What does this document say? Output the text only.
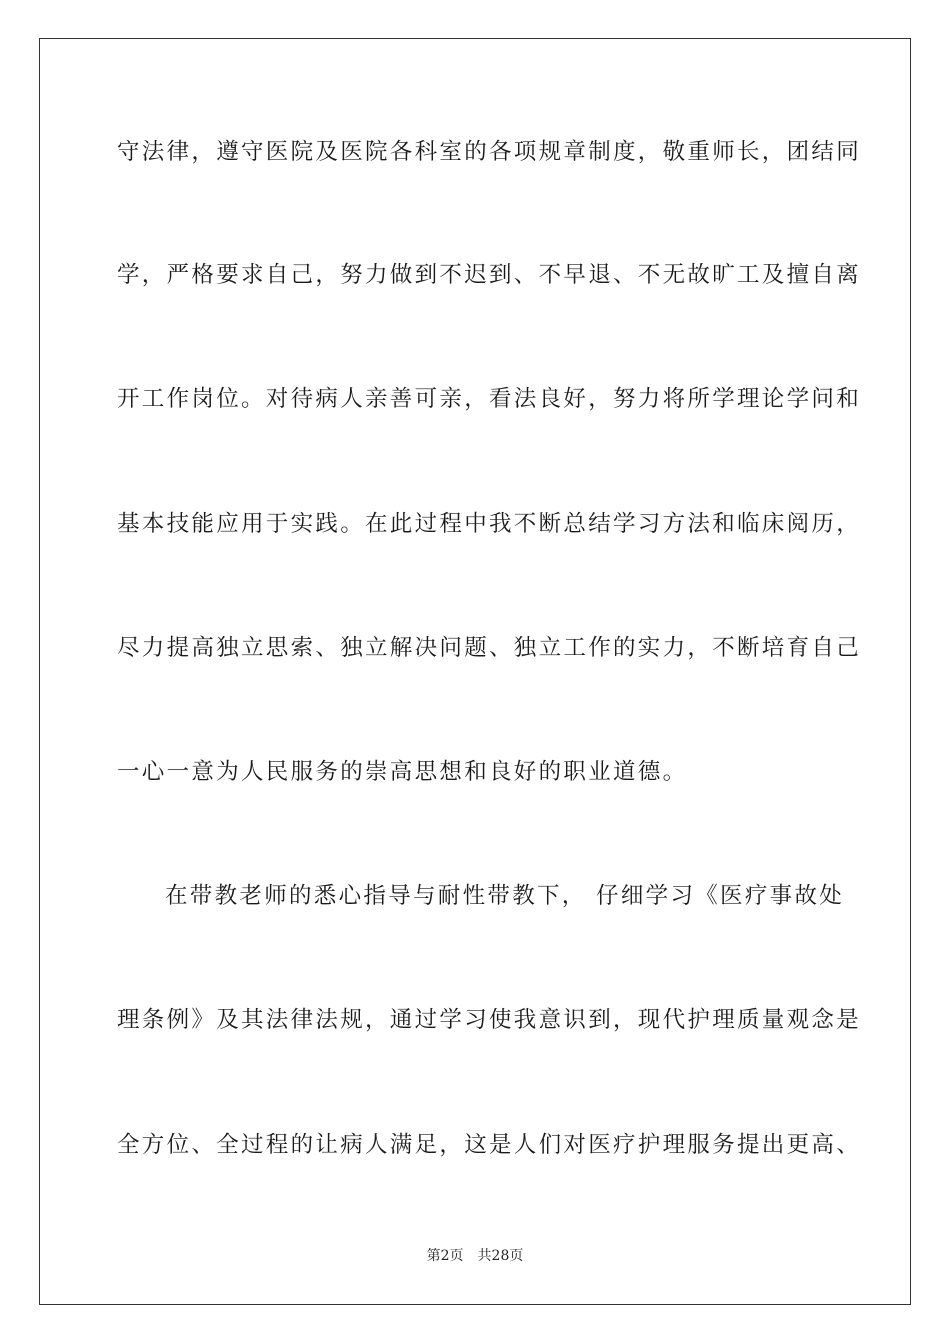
守法律，遵守医院及医院各科室的各项规章制度，敬重师长，团结同
学，严格要求自己，努力做到不迟到、不早退、不无故旷工及擅自离
开工作岗位。对待病人亲善可亲，看法良好，努力将所学理论学问和
基本技能应用于实践。在此过程中我不断总结学习方法和临床阅历，
尽力提高独立思索、独立解决问题、独立工作的实力，不断培育自己
一心一意为人民服务的崇高思想和良好的职业道德。
在带教老师的悉心指导与耐性带教下， 仔细学习《医疗事故处
理条例》及其法律法规，通过学习使我意识到，现代护理质量观念是
全方位、全过程的让病人满足，这是人们对医疗护理服务提出更高、
第2页 共28页
